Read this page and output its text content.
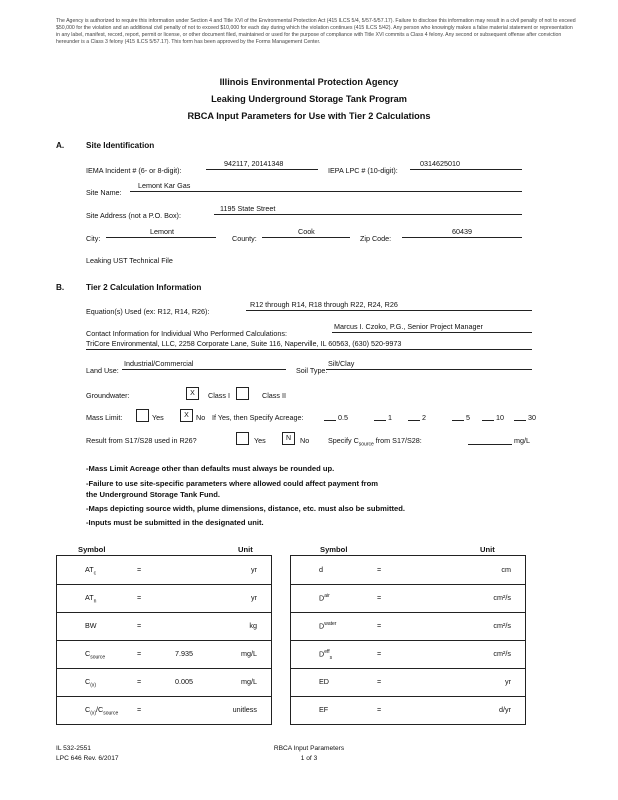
The Agency is authorized to require this information under Section 4 and Title XVI of the Environmental Protection Act (415 ILCS 5/4, 5/57-5/57.17). Failure to disclose this information may result in a civil penalty of not to exceed $50,000 for the violation and an additional civil penalty of not to exceed $10,000 for each day during which the violation continues (415 ILCS 5/42). Any person who knowingly makes a false material statement or representation in any label, manifest, record, report, permit or license, or other document filed, maintained or used for the purpose of compliance with Title XVI commits a Class 4 felony. Any second or subsequent offense after conviction hereunder is a Class 3 felony (415 ILCS 5/57.17). This form has been approved by the Forms Management Center.
Illinois Environmental Protection Agency
Leaking Underground Storage Tank Program
RBCA Input Parameters for Use with Tier 2 Calculations
A.	Site Identification
IEMA Incident # (6- or 8-digit):
942117, 20141348
IEPA LPC # (10-digit):
0314625010
Site Name:
Lemont Kar Gas
Site Address (not a P.O. Box):
1195 State Street
City:
Lemont
County:
Cook
Zip Code:
60439
Leaking UST Technical File
B.	Tier 2 Calculation Information
Equation(s) Used (ex: R12, R14, R26):
R12 through R14, R18 through R22, R24, R26
Contact Information for Individual Who Performed Calculations:
Marcus I. Czoko, P.G., Senior Project Manager
TriCore Environmental, LLC, 2258 Corporate Lane, Suite 116, Naperville, IL 60563, (630) 520-9973
Land Use:
Industrial/Commercial
Soil Type:
Silt/Clay
Groundwater:	X	Class I	Class II
Mass Limit:	Yes	X No If Yes, then Specify Acreage:	0.5	1	2	5	10	30
Result from S17/S28 used in R26?	Yes	N	No	Specify $C_{source}$ from S17/S28:	mg/L
-Mass Limit Acreage other than defaults must always be rounded up.
-Failure to use site-specific parameters where allowed could affect payment from
the Underground Storage Tank Fund.
-Maps depicting source width, plume dimensions, distance, etc. must also be submitted.
-Inputs must be submitted in the designated unit.
Symbol	Unit	Symbol	Unit
$AT_c$	=	yr
$AT_n$	=	yr
BW	=	kg
$C_{source}$	=	7.935	mg/L
$C_{(x)}$	=	0.005	mg/L
$C_{(x)}/C_{source}$	=	unitless
d	=	cm
$D^{air}$	=	cm²/s
$D^{water}$	=	cm²/s
$D^{eff}_s$	=	cm²/s
ED	=	yr
EF	=	d/yr
IL 532-2551
LPC 646 Rev. 6/2017
RBCA Input Parameters
1 of 3
